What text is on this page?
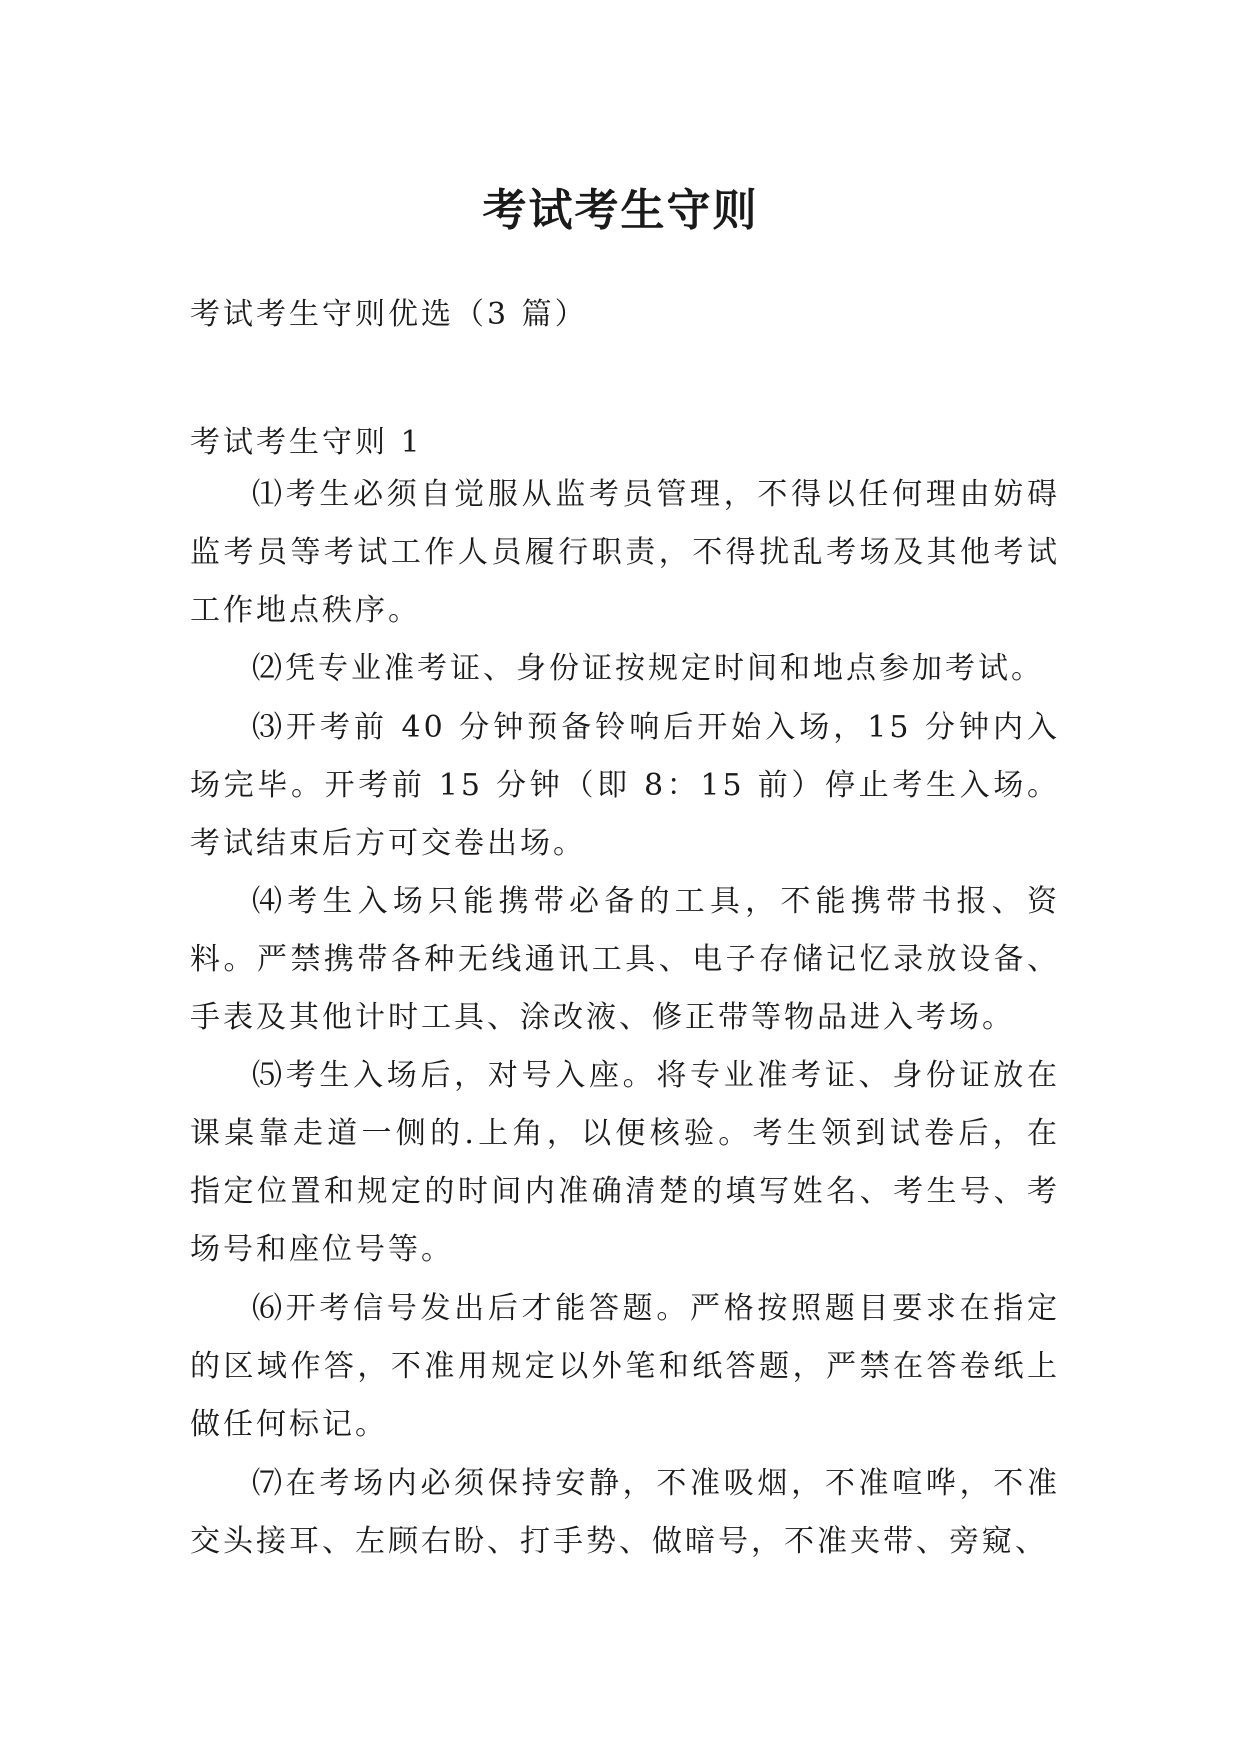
考试考生守则

考试考生守则优选（3 篇）

考试考生守则 1

⑴考生必须自觉服从监考员管理，不得以任何理由妨碍监考员等考试工作人员履行职责，不得扰乱考场及其他考试工作地点秩序。

⑵凭专业准考证、身份证按规定时间和地点参加考试。

⑶开考前 40 分钟预备铃响后开始入场，15 分钟内入场完毕。开考前 15 分钟（即 8：15 前）停止考生入场。考试结束后方可交卷出场。

⑷考生入场只能携带必备的工具，不能携带书报、资料。严禁携带各种无线通讯工具、电子存储记忆录放设备、手表及其他计时工具、涂改液、修正带等物品进入考场。

⑸考生入场后，对号入座。将专业准考证、身份证放在课桌靠走道一侧的.上角，以便核验。考生领到试卷后，在指定位置和规定的时间内准确清楚的填写姓名、考生号、考场号和座位号等。

⑹开考信号发出后才能答题。严格按照题目要求在指定的区域作答，不准用规定以外笔和纸答题，严禁在答卷纸上做任何标记。

⑺在考场内必须保持安静，不准吸烟，不准喧哗，不准交头接耳、左顾右盼、打手势、做暗号，不准夹带、旁窥、
